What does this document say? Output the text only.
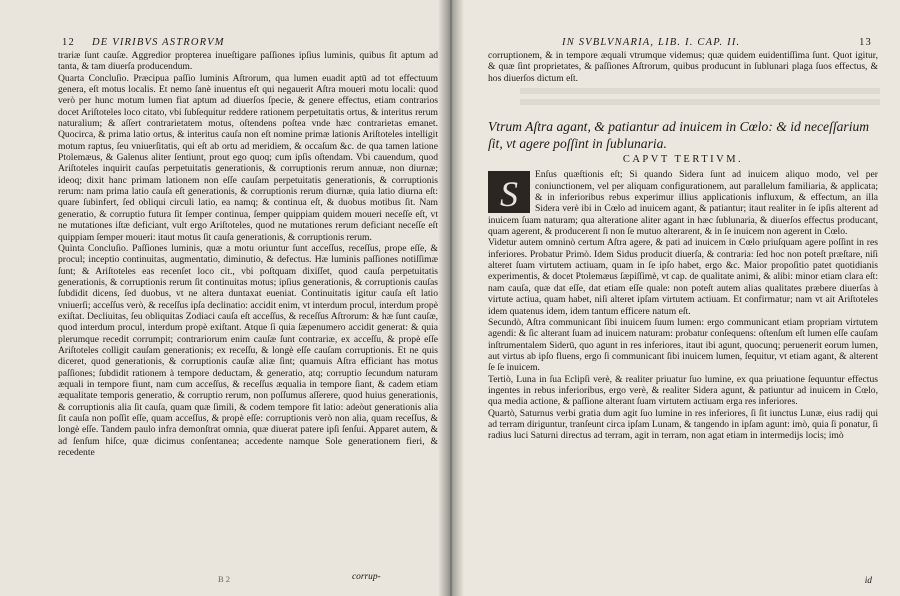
12 DE VIRIBVS ASTRORVM

trariæ ſunt cauſæ. Aggredior propterea inueſtigare paſſiones ipſius luminis, quibus ſit aptum ad tanta, & tam diuerſa producendum.

Quarta Concluſio. Præcipua paſſio luminis Aſtrorum, qua lumen euadit aptū ad tot effectuum genera, eſt motus localis. Et nemo ſanè inuentus eſt qui negauerit Aſtra moueri motu locali: quod verò per hunc motum lumen fiat aptum ad diuerſos ſpecie, & genere effectus, etiam contrarios docet Ariſtoteles loco citato, vbi ſubſequitur reddere rationem perpetuitatis ortus, & interitus rerum naturalium; & aſſert contrarietatem motus, oſtendens poſtea vnde hæc contrarietas emanet. Quocirca, & prima latio ortus, & interitus cauſa non eſt nomine primæ lationis Ariſtoteles intelligit motum raptus, ſeu vniuerſitatis, qui eſt ab ortu ad meridiem, & occaſum &c. de qua tamen latione Ptolemæus, & Galenus aliter ſentiunt, prout ego quoq; cum ipſis oſtendam. Vbi cauendum, quod Ariſtoteles inquirit cauſas perpetuitatis generationis, & corruptionis rerum annuæ, non diurnæ; ideoq; dixit hanc primam lationem non eſſe cauſam perpetuitatis generationis, & corruptionis rerum: nam prima latio cauſa eſt generationis, & corruptionis rerum diurnæ, quia latio diurna eſt: quare ſubinfert, ſed obliqui circuli latio, ea namq; & continua eſt, & duobus motibus ſit. Nam generatio, & corruptio futura ſit ſemper continua, ſemper quippiam quidem moueri neceſſe eſt, vt ne mutationes iſtæ deficiant, vult ergo Ariſtoteles, quod ne mutationes rerum deficiant neceſſe eſt quippiam ſemper moueri: itaut motus ſit cauſa generationis, & corruptionis rerum.

Quinta Concluſio. Paſſiones luminis, quæ a motu oriuntur ſunt acceſſus, receſſus, prope eſſe, & procul; inceptio continuitas, augmentatio, diminutio, & defectus. Hæ luminis paſſiones notiſſimæ ſunt; & Ariſtoteles eas recenſet loco cit., vbi poſtquam dixiſſet, quod cauſa perpetuitatis generationis, & corruptionis rerum ſit continuitas motus; ipſius generationis, & corruptionis cauſas ſubdidit dicens, ſed duobus, vt ne altera duntaxat eueniat. Continuitatis igitur cauſa eſt latio vniuerſi; acceſſus verò, & receſſus ipſa declinatio: accidit enim, vt interdum procul, interdum propè exiſtat. Decliuitas, ſeu obliquitas Zodiaci cauſa eſt acceſſus, & receſſus Aſtrorum: & hæ ſunt cauſæ, quod interdum procul, interdum propè exiſtant. Atque ſi quia ſæpenumero accidit generat: & quia plerumque recedit corrumpit; contrariorum enim cauſæ ſunt contrariæ, ex acceſſu, & propè eſſe Ariſtoteles colligit cauſam generationis; ex receſſu, & longè eſſe cauſam corruptionis. Et ne quis diceret, quod generationis, & corruptionis cauſæ aliæ ſint; quamuis Aſtra efficiant has motus paſſiones; ſubdidit rationem à tempore deductam, & generatio, atq; corruptio ſecundum naturam æquali in tempore fiunt, nam cum acceſſus, & receſſus æqualia in tempore ſiant, & cadem etiam æqualitate temporis generatio, & corruptio rerum, non poſſumus aſſerere, quod huius generationis, & corruptionis alia ſit cauſa, quam quæ ſimili, & codem tempore fit latio: adeòut generationis alia ſit cauſa non poſſit eſſe, quam acceſſus, & propè eſſe: corruptionis verò non alia, quam receſſus, & longè eſſe. Tandem paulo infra demonſtrat omnia, quæ diuerat patere ipſi ſenſui. Apparet autem, & ad ſenſum hiſce, quæ dicimus conſentanea; accedente namque Sole generationem fieri, & recedente

B 2	corrup-
IN SVBLVNARIA, LIB. I. CAP. II.	13

corruptionem, & in tempore æquali vtrumque videmus; quæ quidem euidentiſſima ſunt. Quot igitur, & quæ ſint proprietates, & paſſiones Aſtrorum, quibus producunt in ſublunari plaga ſuos effectus, & hos diuerſos dictum eſt.

Vtrum Aſtra agant, & patiantur ad inuicem in Cœlo: & id neceſſarium ſit, vt agere poſſint in ſublunaria.
CAPVT TERTIVM.

S	Enſus quæſtionis eſt; Si quando Sidera ſunt ad inuicem aliquo modo, vel per coniunctionem, vel per aliquam configurationem, aut parallelum familiaria, & applicata; & in inferioribus rebus experimur illius applicationis influxum, & effectum, an illa Sidera verè ibi in Cœlo ad inuicem agant, & patiantur; itaut realiter in ſe ipſis alterent ad inuicem ſuam naturam; qua alteratione aliter agant in hæc ſublunaria, & diuerſos effectus producant, quam agerent, & producerent ſi non ſe mutuo alterarent, & in ſe inuicem non agerent in Cœlo.

Videtur autem omninò certum Aſtra agere, & pati ad inuicem in Cœlo priuſquam agere poſſint in res inferiores. Probatur Primò. Idem Sidus producit diuerſa, & contraria: ſed hoc non poteſt præſtare, niſi alteret ſuam virtutem actiuam, quam in ſe ipſo habet, ergo &c. Maior propoſitio patet quotidianis experimentis, & docet Ptolemæus ſæpiſſimè, vt cap. de qualitate animi, & alibi: minor etiam clara eſt: nam cauſa, quæ dat eſſe, dat etiam eſſe quale: non poteſt autem alias qualitates præbere diuerſas à virtute actiua, quam habet, niſi alteret ipſam virtutem actiuam. Et confirmatur; nam vt ait Ariſtoteles idem quatenus idem, idem tantum efficere natum eſt.

Secundò, Aſtra communicant ſibi inuicem ſuum lumen: ergo communicant etiam propriam virtutem agendi: & ſic alterant ſuam ad inuicem naturam: probatur conſequens: oſtenſum eſt lumen eſſe cauſam inſtrumentalem Siderū, quo agunt in res inferiores, itaut ibi agunt, quocunq; peruenerit eorum lumen, aut virtus ab ipſo fluens, ergo ſi communicant ſibi inuicem lumen, ſequitur, vt etiam agant, & alterent ſe ſe inuicem.

Tertiò, Luna in ſua Eclipſi verè, & realiter priuatur ſuo lumine, ex qua priuatione ſequuntur effectus ingentes in rebus inferioribus, ergo verè, & realiter Sidera agunt, & patiuntur ad inuicem in Cœlo, qua media actione, & paſſione alterant ſuam virtutem actiuam erga res inferiores.

Quartò, Saturnus verbi gratia dum agit ſuo lumine in res inferiores, ſi ſit iunctus Lunæ, eius radij qui ad terram diriguntur, tranſeunt circa ipſam Lunam, & tangendo in ipſam agunt: imò, quia ſi ponatur, ſi radius luci Saturni directus ad terram, agit in terram, non agat etiam in intermedijs locis; imò

id
